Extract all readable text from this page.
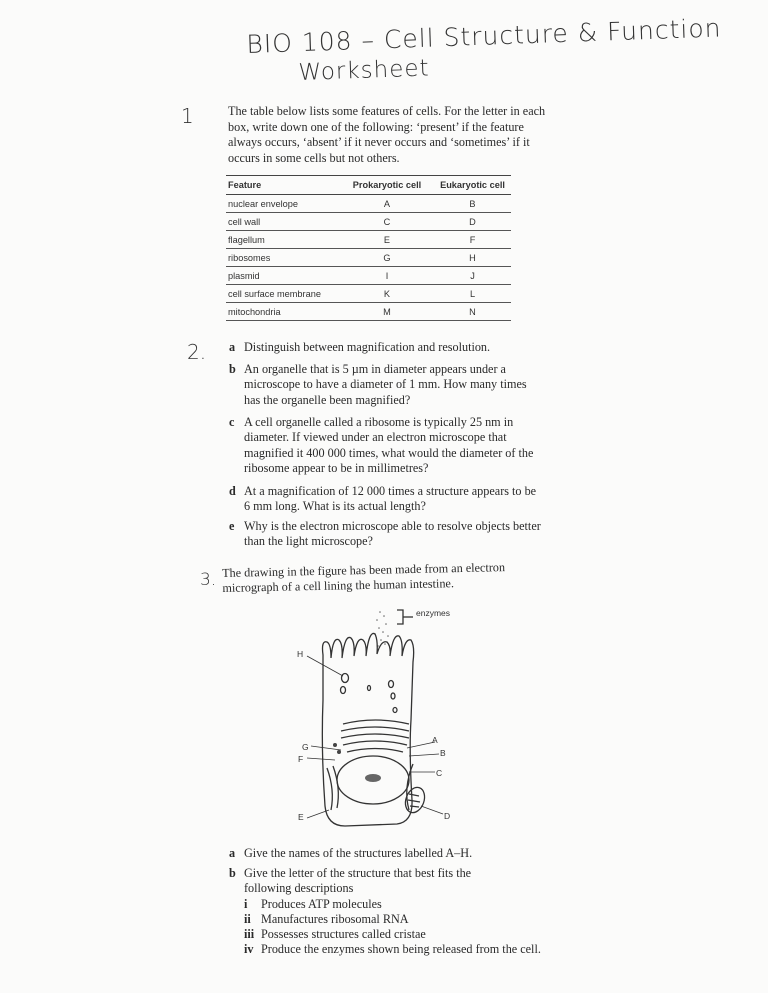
BIO 108 – Cell Structure & Function
Worksheet
1	The table below lists some features of cells. For the letter in each box, write down one of the following: ‘present’ if the feature always occurs, ‘absent’ if it never occurs and ‘sometimes’ if it occurs in some cells but not others.
Feature	Prokaryotic cell	Eukaryotic cell
nuclear envelope	A	B
cell wall	C	D
flagellum	E	F
ribosomes	G	H
plasmid	I	J
cell surface membrane	K	L
mitochondria	M	N
2. a Distinguish between magnification and resolution.
b An organelle that is 5 µm in diameter appears under a microscope to have a diameter of 1 mm. How many times has the organelle been magnified?
c A cell organelle called a ribosome is typically 25 nm in diameter. If viewed under an electron microscope that magnified it 400 000 times, what would the diameter of the ribosome appear to be in millimetres?
d At a magnification of 12 000 times a structure appears to be 6 mm long. What is its actual length?
e Why is the electron microscope able to resolve objects better than the light microscope?
3. The drawing in the figure has been made from an electron micrograph of a cell lining the human intestine.
enzymes
H
G
F
A
B
C
D
E
a Give the names of the structures labelled A–H.
b Give the letter of the structure that best fits the following descriptions
i Produces ATP molecules
ii Manufactures ribosomal RNA
iii Possesses structures called cristae
iv Produce the enzymes shown being released from the cell.
